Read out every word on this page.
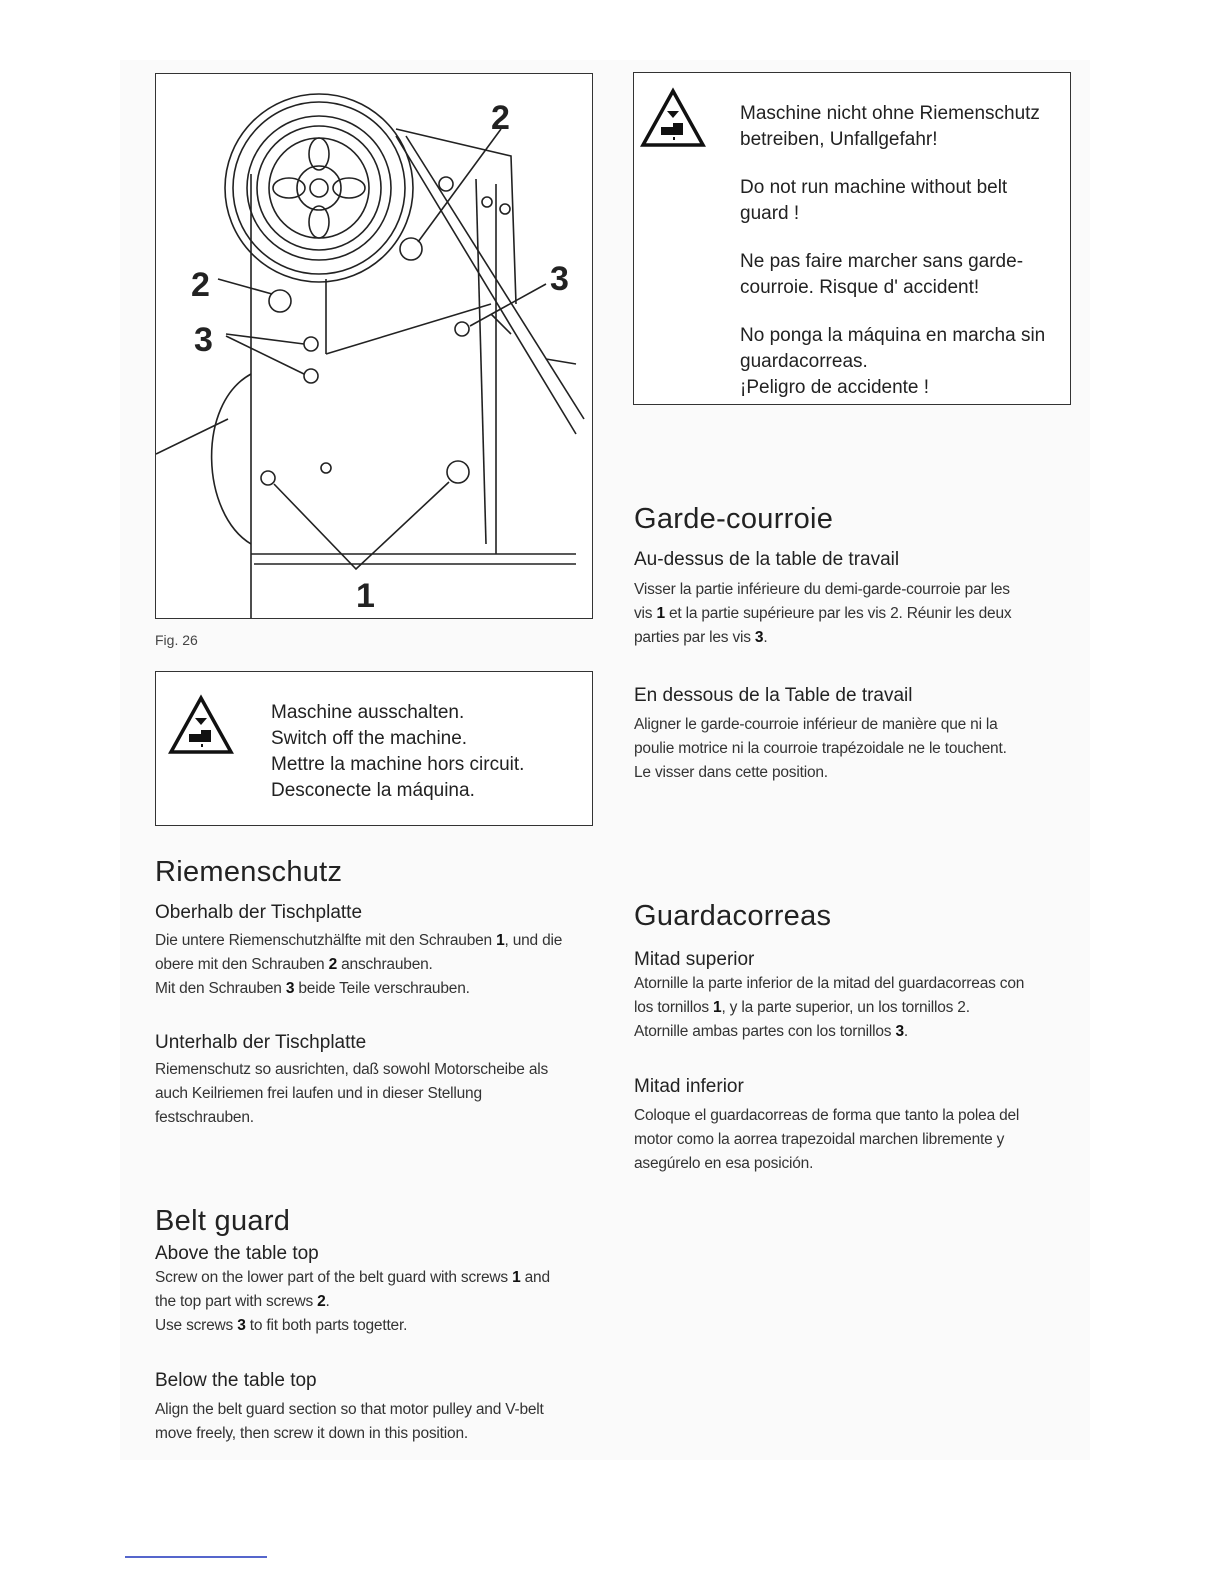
2
2
3
3
1
Fig. 26

Maschine ausschalten.

Switch off the machine.

Mettre la machine hors circuit.

Desconecte la máquina.

Maschine nicht ohne Riemenschutz

betreiben, Unfallgefahr!

Do not run machine without belt

guard !

Ne pas faire marcher sans garde-

courroie. Risque d' accident!

No ponga la máquina en marcha sin

guardacorreas.

¡Peligro de accidente !

Riemenschutz
Oberhalb der Tischplatte

Die untere Riemenschutzhälfte mit den Schrauben 1, und die

obere mit den Schrauben 2 anschrauben.

Mit den Schrauben 3 beide Teile verschrauben.

Unterhalb der Tischplatte

Riemenschutz so ausrichten, daß sowohl Motorscheibe als

auch Keilriemen frei laufen und in dieser Stellung

festschrauben.

Belt guard
Above the table top

Screw on the lower part of the belt guard with screws 1 and

the top part with screws 2.

Use screws 3 to fit both parts togetter.

Below the table top

Align the belt guard section so that motor pulley and V-belt

move freely, then screw it down in this position.

Garde-courroie
Au-dessus de la table de travail

Visser la partie inférieure du demi-garde-courroie par les

vis 1 et la partie supérieure par les vis 2. Réunir les deux

parties par les vis 3.

En dessous de la Table de travail

Aligner le garde-courroie inférieur de manière que ni la

poulie motrice ni la courroie trapézoidale ne le touchent.

Le visser dans cette position.

Guardacorreas
Mitad superior

Atornille la parte inferior de la mitad del guardacorreas con

los tornillos 1, y la parte superior, un los tornillos 2.

Atornille ambas partes con los tornillos 3.

Mitad inferior

Coloque el guardacorreas de forma que tanto la polea del

motor como la aorrea trapezoidal marchen libremente y

asegúrelo en esa posición.
